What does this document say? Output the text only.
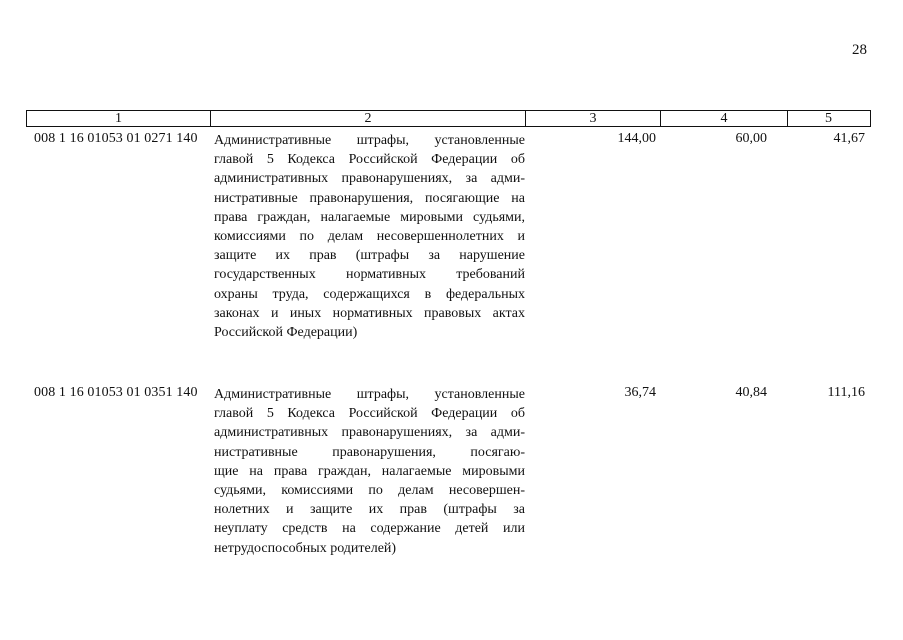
28
1	2	3	4	5
008 1 16 01053 01 0271 140 Административные штрафы, установленные
главой 5 Кодекса Российской Федерации об
административных правонарушениях, за адми-
нистративные правонарушения, посягающие на
права граждан, налагаемые мировыми судьями,
комиссиями по делам несовершеннолетних и
защите их прав (штрафы за нарушение
государственных нормативных требований
охраны труда, содержащихся в федеральных
законах и иных нормативных правовых актах
Российской Федерации)
144,00	60,00	41,67
008 1 16 01053 01 0351 140 Административные штрафы, установленные
главой 5 Кодекса Российской Федерации об
административных правонарушениях, за адми-
нистративные правонарушения, посягаю-
щие на права граждан, налагаемые мировыми
судьями, комиссиями по делам несовершен-
нолетних и защите их прав (штрафы за
неуплату средств на содержание детей или
нетрудоспособных родителей)
36,74	40,84	111,16
